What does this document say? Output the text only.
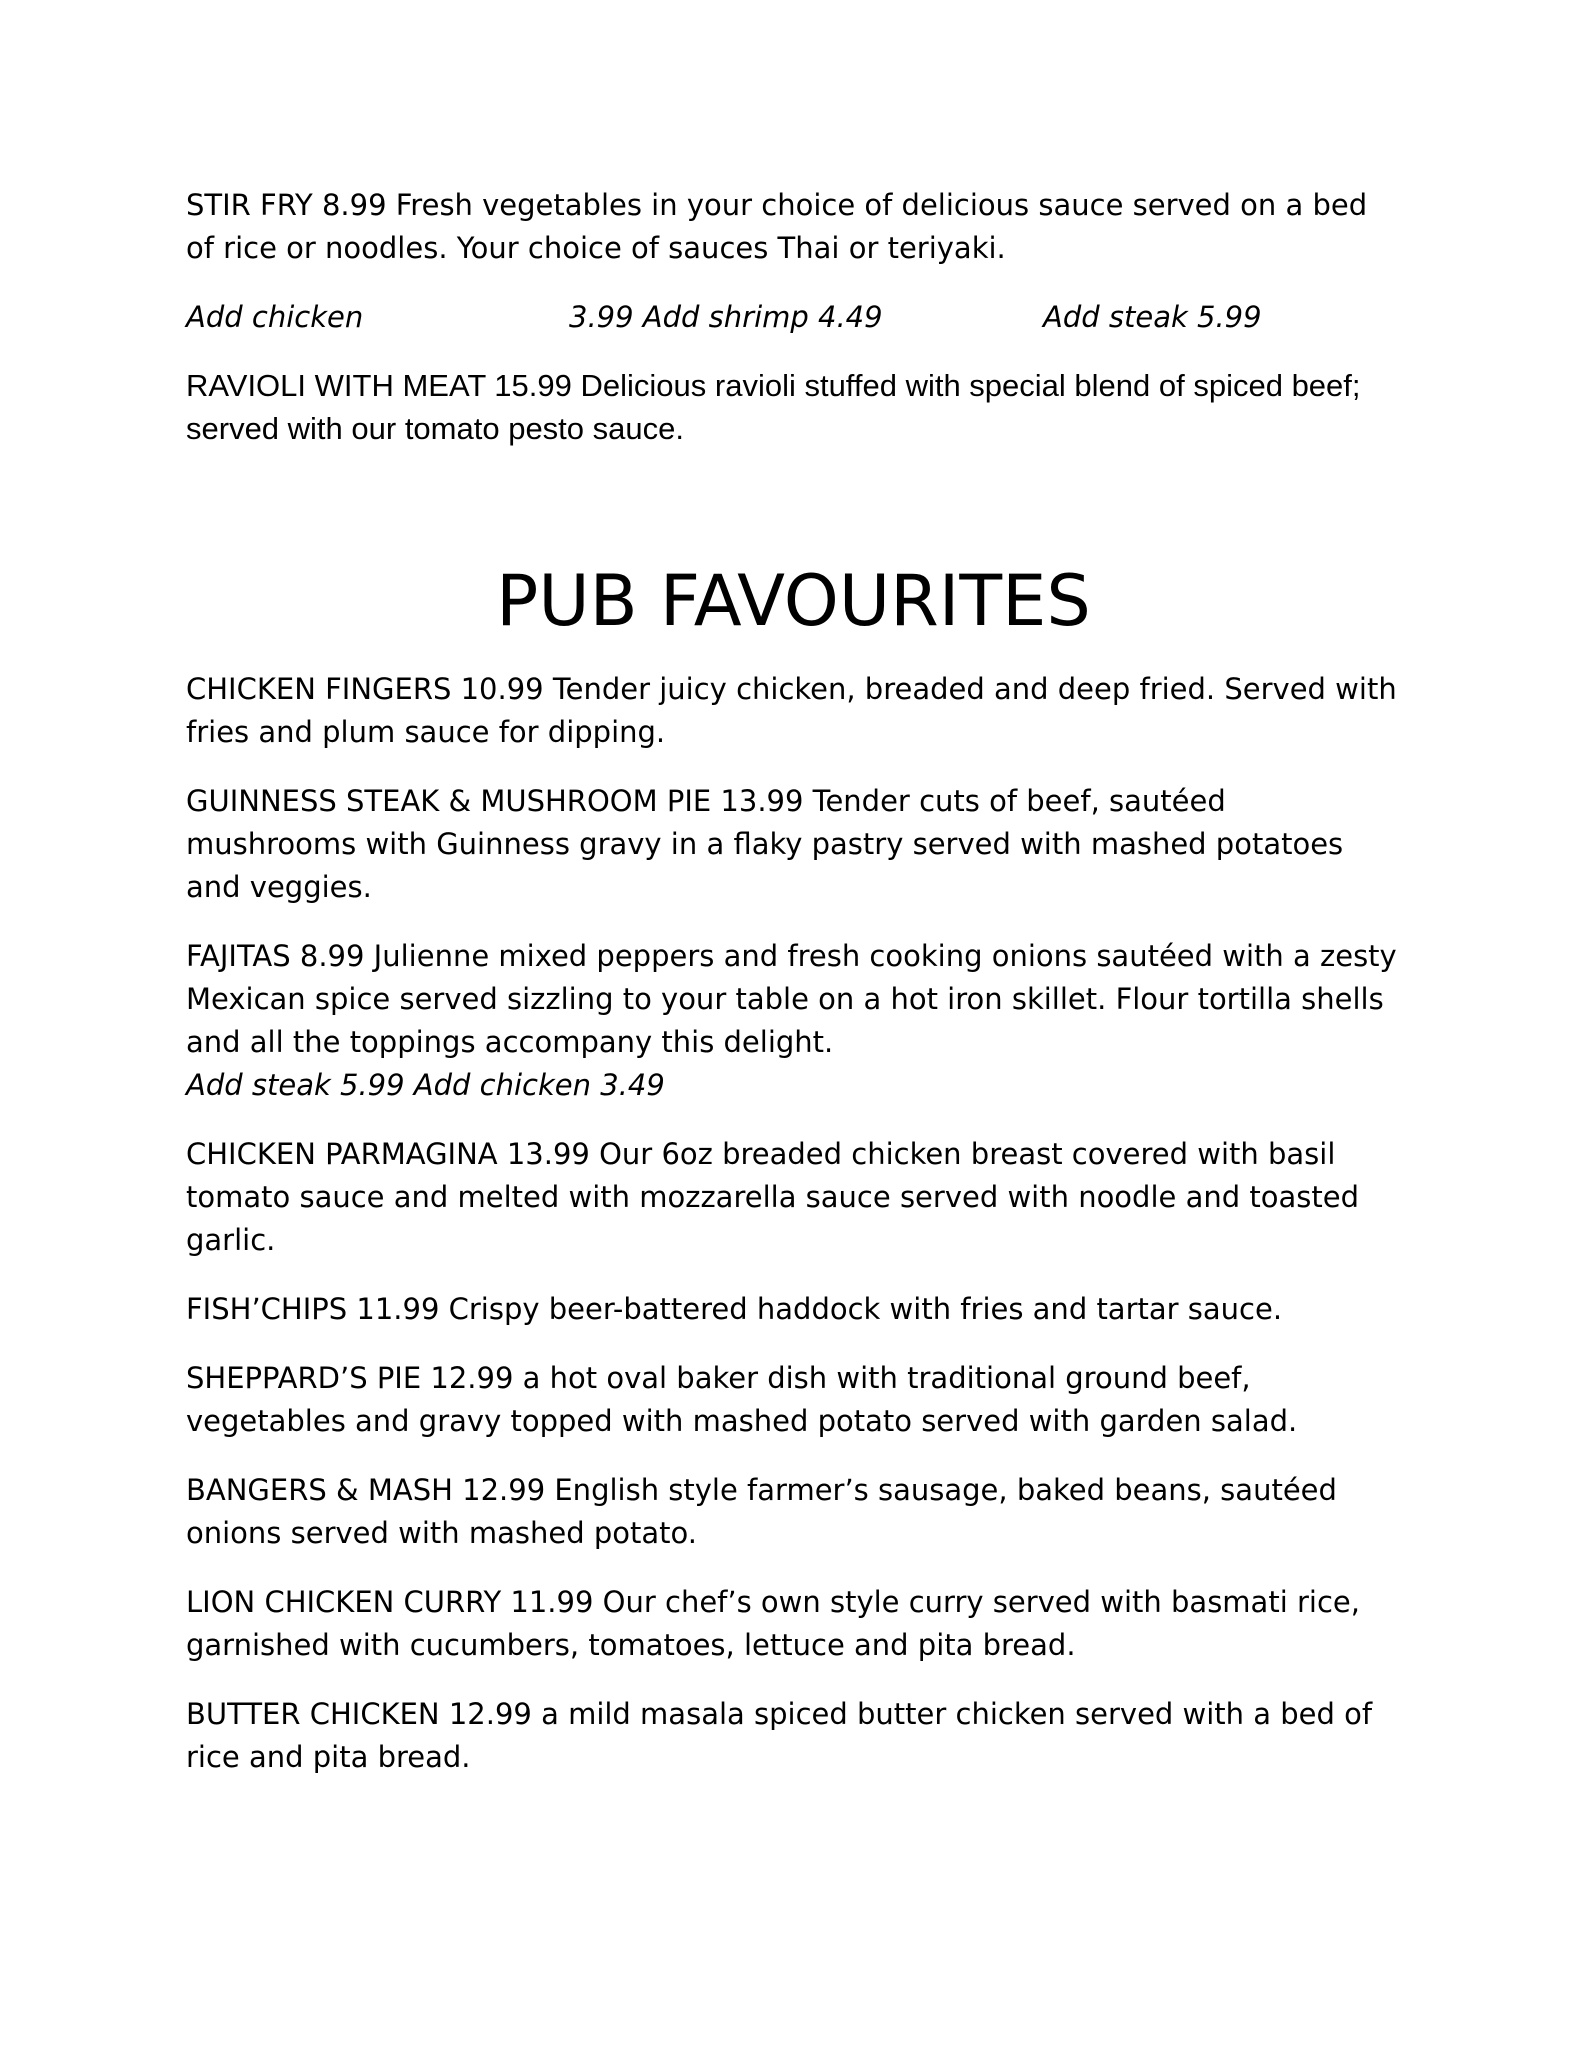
STIR FRY 8.99 Fresh vegetables in your choice of delicious sauce served on a bed of rice or noodles. Your choice of sauces Thai or teriyaki.

Add chicken	3.99 Add shrimp 4.49	Add steak 5.99

RAVIOLI WITH MEAT 15.99 Delicious ravioli stuffed with special blend of spiced beef; served with our tomato pesto sauce.

PUB FAVOURITES

CHICKEN FINGERS 10.99 Tender juicy chicken, breaded and deep fried. Served with fries and plum sauce for dipping.

GUINNESS STEAK & MUSHROOM PIE 13.99 Tender cuts of beef, sautéed mushrooms with Guinness gravy in a flaky pastry served with mashed potatoes and veggies.

FAJITAS 8.99 Julienne mixed peppers and fresh cooking onions sautéed with a zesty Mexican spice served sizzling to your table on a hot iron skillet. Flour tortilla shells and all the toppings accompany this delight.

Add steak 5.99 Add chicken 3.49

CHICKEN PARMAGINA 13.99 Our 6oz breaded chicken breast covered with basil tomato sauce and melted with mozzarella sauce served with noodle and toasted garlic.

FISH’CHIPS 11.99 Crispy beer-battered haddock with fries and tartar sauce.

SHEPPARD’S PIE 12.99 a hot oval baker dish with traditional ground beef, vegetables and gravy topped with mashed potato served with garden salad.

BANGERS & MASH 12.99 English style farmer’s sausage, baked beans, sautéed onions served with mashed potato.

LION CHICKEN CURRY 11.99 Our chef’s own style curry served with basmati rice, garnished with cucumbers, tomatoes, lettuce and pita bread.

BUTTER CHICKEN 12.99 a mild masala spiced butter chicken served with a bed of rice and pita bread.
